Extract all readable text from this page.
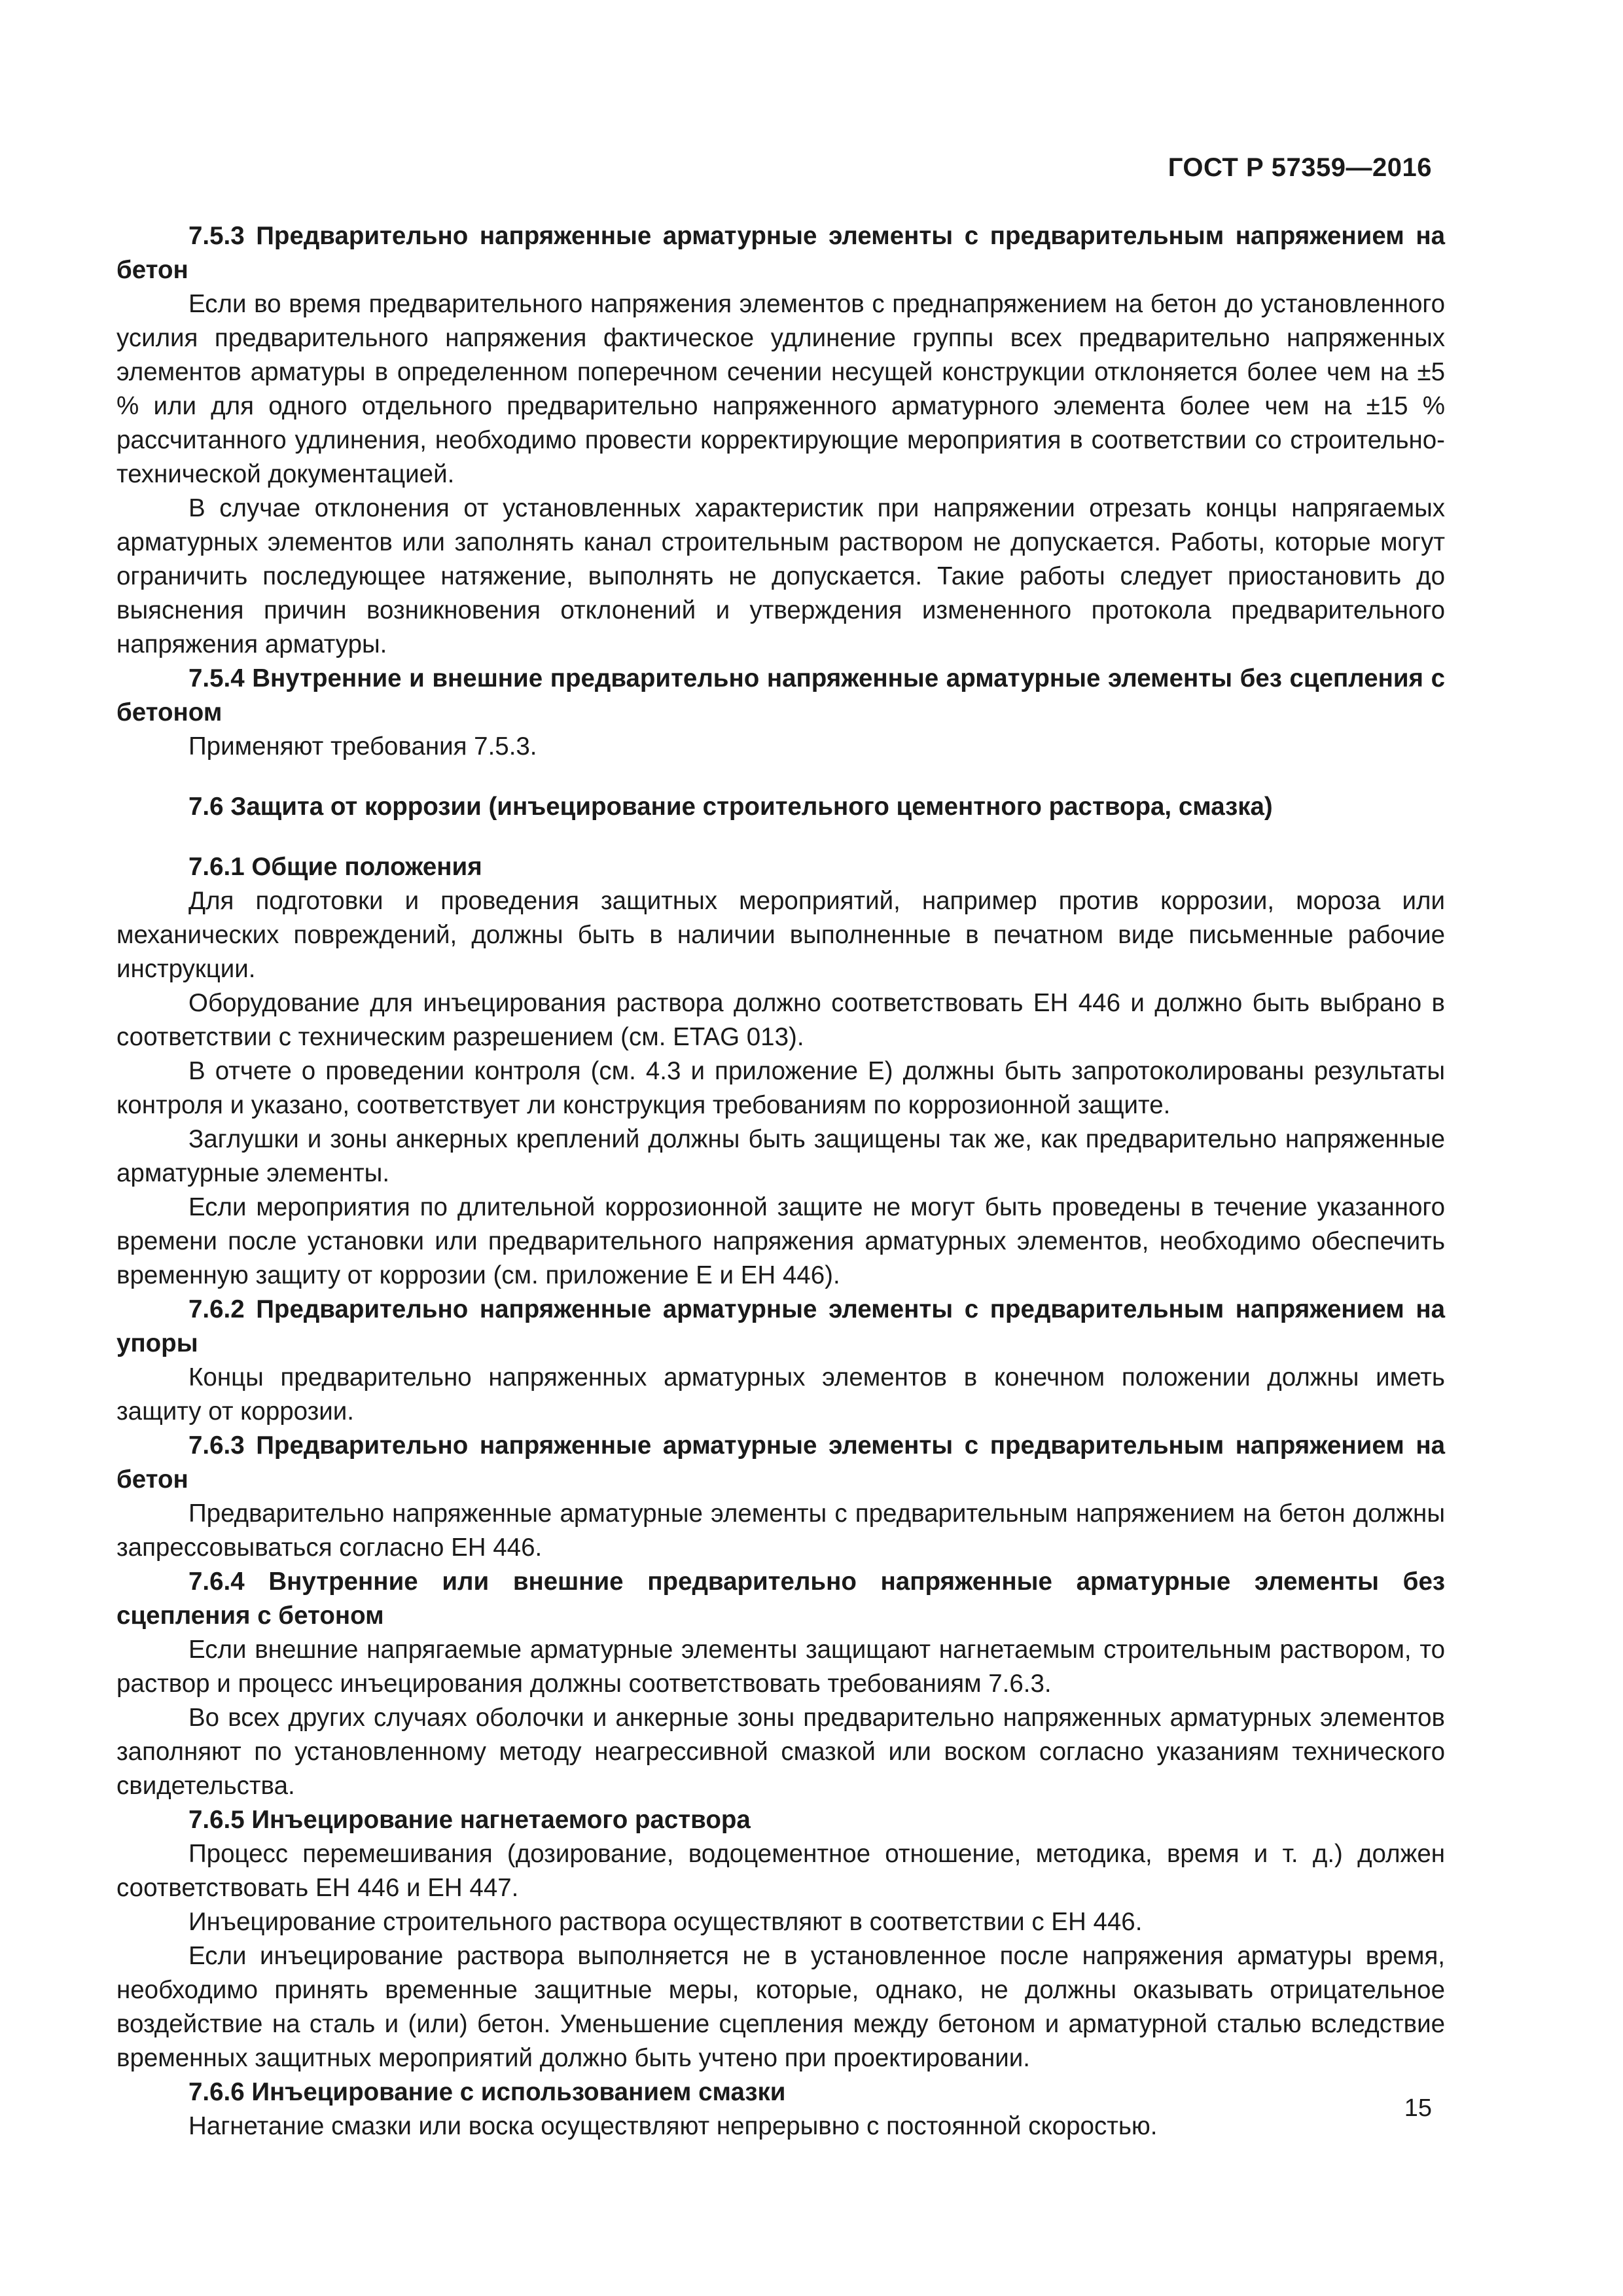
ГОСТ Р 57359—2016

7.5.3 Предварительно напряженные арматурные элементы с предварительным напряжением на бетон

Если во время предварительного напряжения элементов с преднапряжением на бетон до установленного усилия предварительного напряжения фактическое удлинение группы всех предварительно напряженных элементов арматуры в определенном поперечном сечении несущей конструкции отклоняется более чем на ±5 % или для одного отдельного предварительно напряженного арматурного элемента более чем на ±15 % рассчитанного удлинения, необходимо провести корректирующие мероприятия в соответствии со строительно-технической документацией.

В случае отклонения от установленных характеристик при напряжении отрезать концы напрягаемых арматурных элементов или заполнять канал строительным раствором не допускается. Работы, которые могут ограничить последующее натяжение, выполнять не допускается. Такие работы следует приостановить до выяснения причин возникновения отклонений и утверждения измененного протокола предварительного напряжения арматуры.

7.5.4 Внутренние и внешние предварительно напряженные арматурные элементы без сцепления с бетоном

Применяют требования 7.5.3.

7.6 Защита от коррозии (инъецирование строительного цементного раствора, смазка)

7.6.1 Общие положения

Для подготовки и проведения защитных мероприятий, например против коррозии, мороза или механических повреждений, должны быть в наличии выполненные в печатном виде письменные рабочие инструкции.

Оборудование для инъецирования раствора должно соответствовать ЕН 446 и должно быть выбрано в соответствии с техническим разрешением (см. ETAG 013).

В отчете о проведении контроля (см. 4.3 и приложение Е) должны быть запротоколированы результаты контроля и указано, соответствует ли конструкция требованиям по коррозионной защите.

Заглушки и зоны анкерных креплений должны быть защищены так же, как предварительно напряженные арматурные элементы.

Если мероприятия по длительной коррозионной защите не могут быть проведены в течение указанного времени после установки или предварительного напряжения арматурных элементов, необходимо обеспечить временную защиту от коррозии (см. приложение Е и ЕН 446).

7.6.2 Предварительно напряженные арматурные элементы с предварительным напряжением на упоры

Концы предварительно напряженных арматурных элементов в конечном положении должны иметь защиту от коррозии.

7.6.3 Предварительно напряженные арматурные элементы с предварительным напряжением на бетон

Предварительно напряженные арматурные элементы с предварительным напряжением на бетон должны запрессовываться согласно ЕН 446.

7.6.4 Внутренние или внешние предварительно напряженные арматурные элементы без сцепления с бетоном

Если внешние напрягаемые арматурные элементы защищают нагнетаемым строительным раствором, то раствор и процесс инъецирования должны соответствовать требованиям 7.6.3.

Во всех других случаях оболочки и анкерные зоны предварительно напряженных арматурных элементов заполняют по установленному методу неагрессивной смазкой или воском согласно указаниям технического свидетельства.

7.6.5 Инъецирование нагнетаемого раствора

Процесс перемешивания (дозирование, водоцементное отношение, методика, время и т. д.) должен соответствовать ЕН 446 и ЕН 447.

Инъецирование строительного раствора осуществляют в соответствии с ЕН 446.

Если инъецирование раствора выполняется не в установленное после напряжения арматуры время, необходимо принять временные защитные меры, которые, однако, не должны оказывать отрицательное воздействие на сталь и (или) бетон. Уменьшение сцепления между бетоном и арматурной сталью вследствие временных защитных мероприятий должно быть учтено при проектировании.

7.6.6 Инъецирование с использованием смазки

Нагнетание смазки или воска осуществляют непрерывно с постоянной скоростью.

15
